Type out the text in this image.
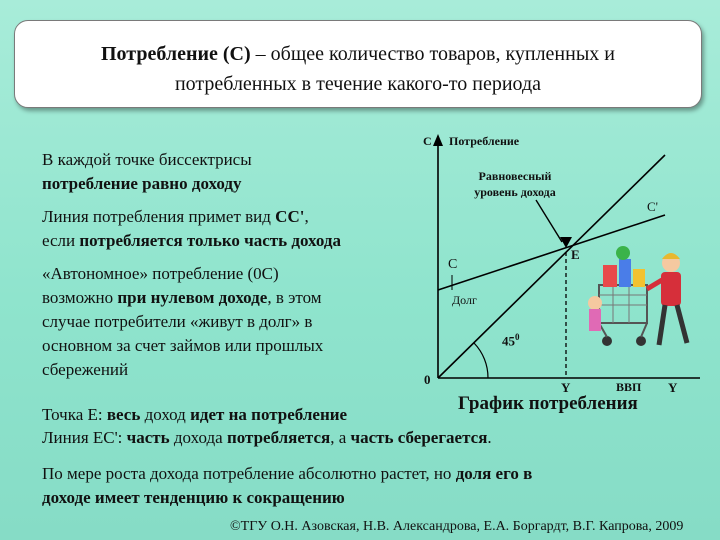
Потребление (С) – общее количество товаров, купленных и
потребленных в течение какого-то периода
В каждой точке биссектрисы
потребление равно доходу
Линия потребления примет вид СС',
если потребляется только часть дохода
«Автономное» потребление (0С)
возможно при нулевом доходе, в этом
случае потребители «живут в долг» в
основном за счет займов или прошлых
сбережений
С Потребление
Равновесный
уровень дохода
С'
Е
С
Долг
$45^0$
0
Y	ВВП Y
График потребления
Точка Е: весь доход идет на потребление
Линия ЕС': часть дохода потребляется, а часть сберегается.
По мере роста дохода потребление абсолютно растет, но доля его в
доходе имеет тенденцию к сокращению
©ТГУ О.Н. Азовская, Н.В. Александрова, Е.А. Боргардт, В.Г. Капрова, 2009
